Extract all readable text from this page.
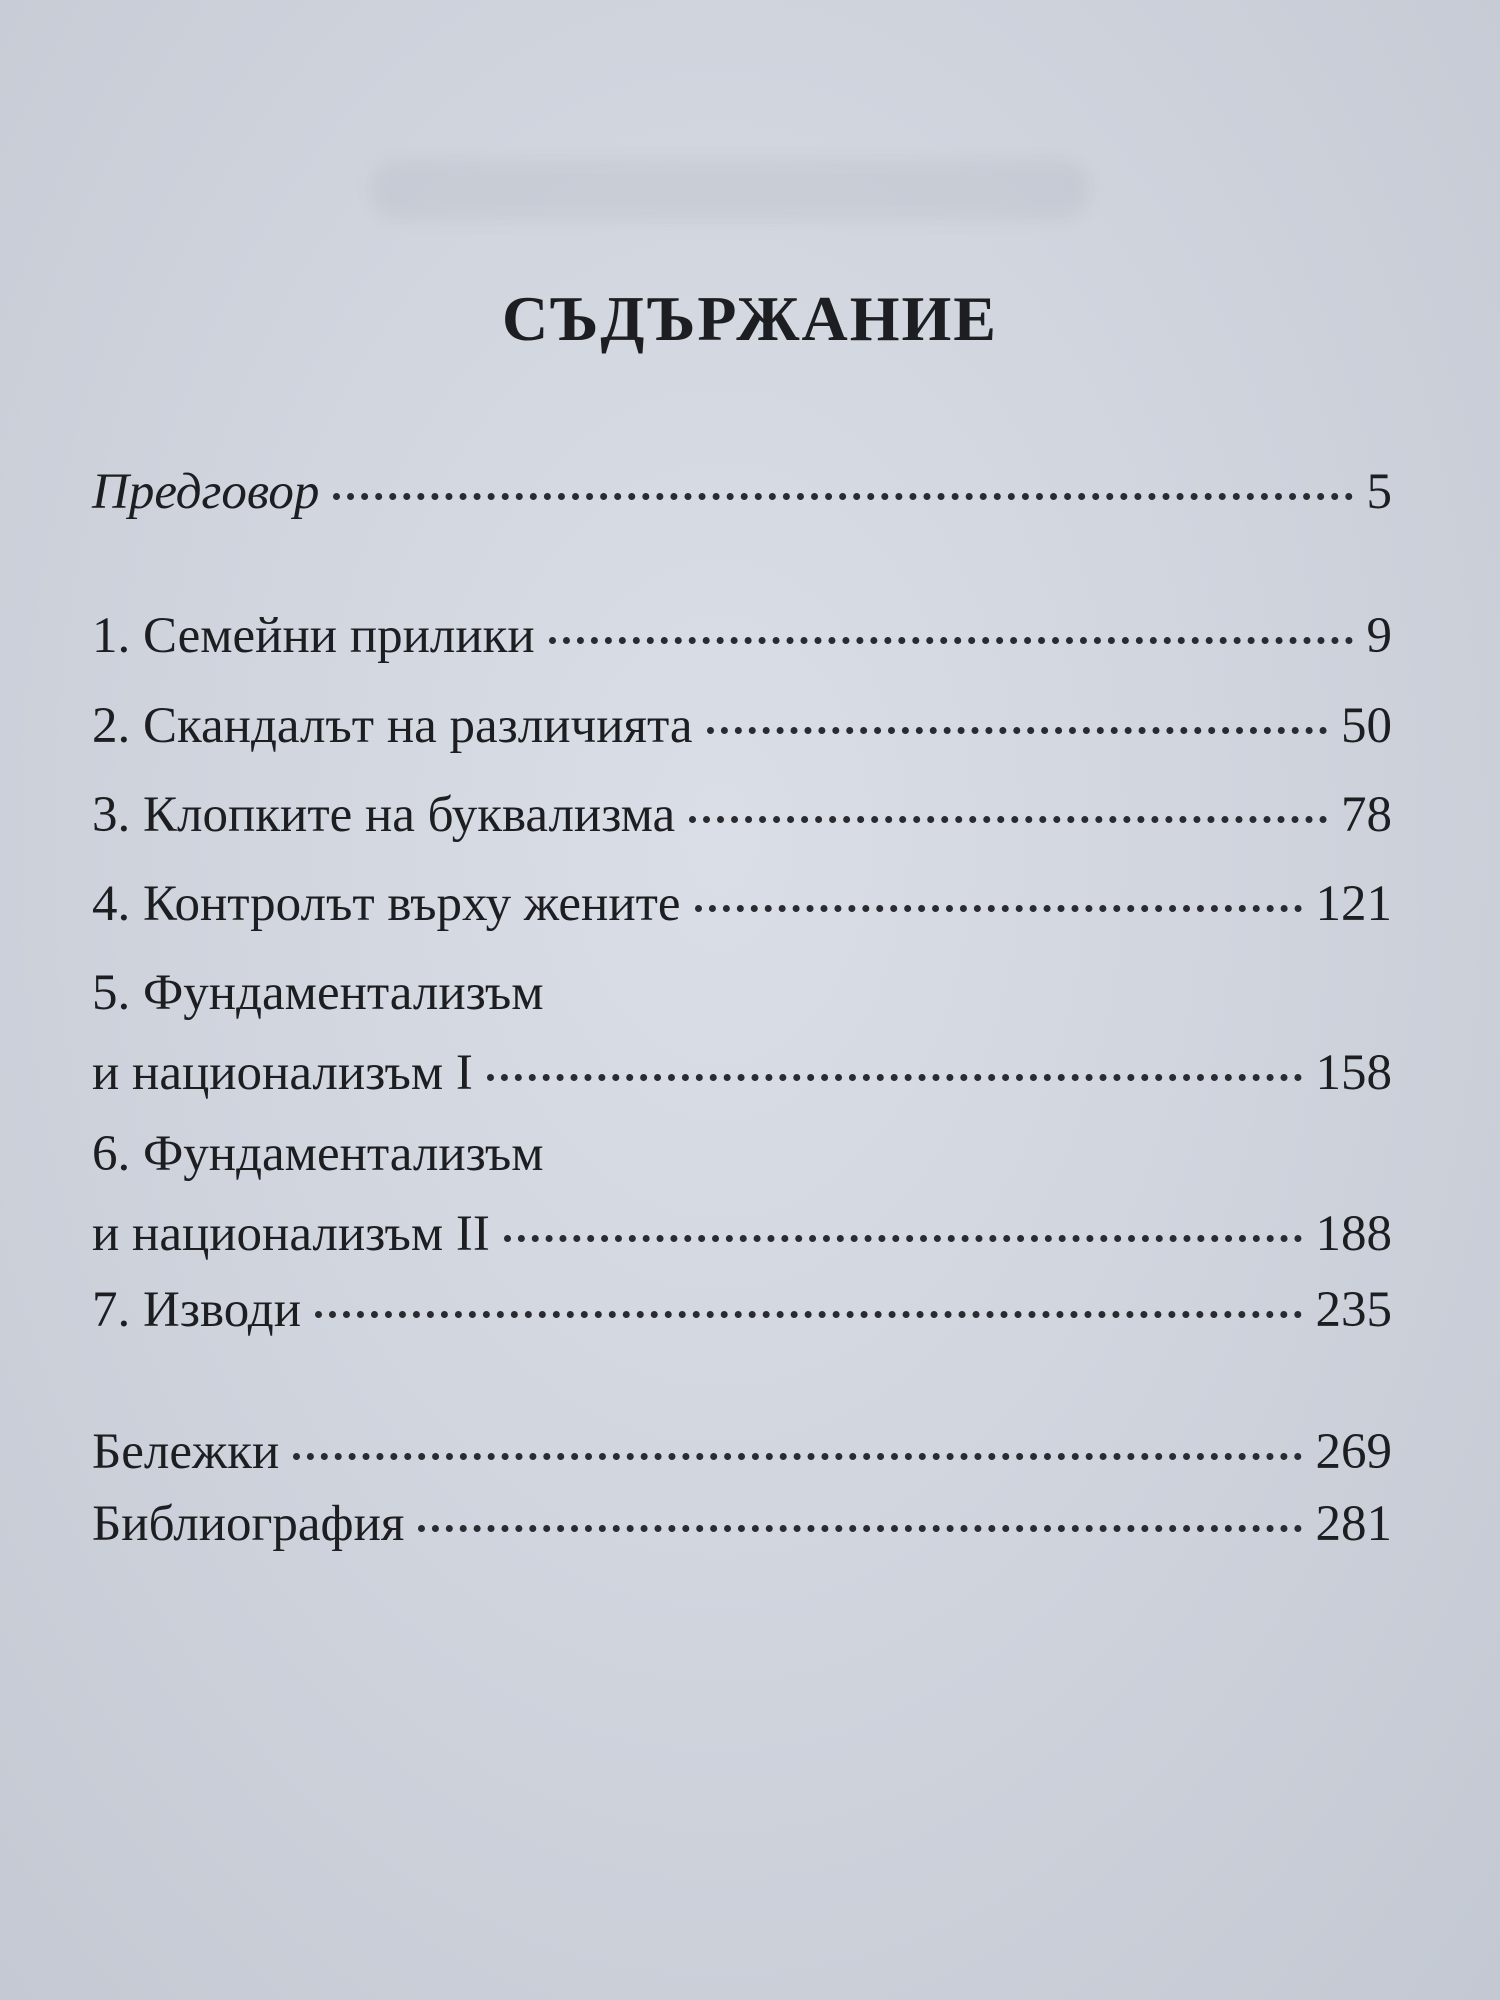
СЪДЪРЖАНИЕ
Предговор	5
1. Семейни прилики	9
2. Скандалът на различията	50
3. Клопките на буквализма	78
4. Контролът върху жените	121
5. Фундаментализъм
и национализъм I	158
6. Фундаментализъм
и национализъм II	188
7. Изводи	235
Бележки	269
Библиография	281
